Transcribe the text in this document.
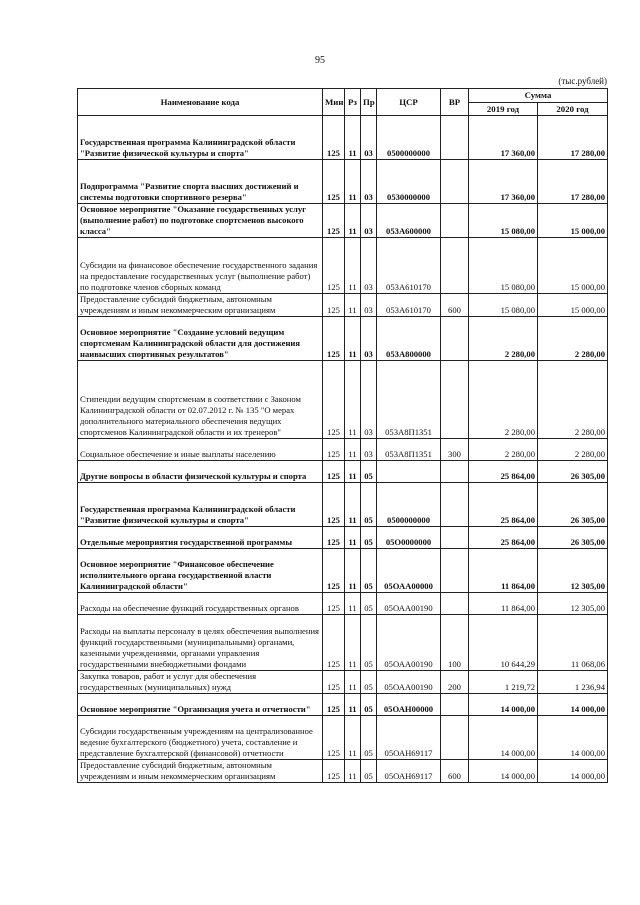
95
(тыс.рублей)
Наименование кода	Мин	Рз	Пр	ЦСР	ВР	Сумма	
						2019 год	2020 год
Государственная программа Калининградской области "Развитие физической культуры и спорта"	125	11	03	0500000000		17 360,00	17 280,00
Подпрограмма "Развитие спорта высших достижений и системы подготовки спортивного резерва"	125	11	03	0530000000		17 360,00	17 280,00
Основное мероприятие "Оказание государственных услуг (выполнение работ) по подготовке спортсменов высокого класса"	125	11	03	053А600000		15 080,00	15 000,00
Субсидии на финансовое обеспечение государственного задания на предоставление государственных услуг (выполнение работ) по подготовке членов сборных команд	125	11	03	053А610170		15 080,00	15 000,00
Предоставление субсидий бюджетным, автономным учреждениям и иным некоммерческим организациям	125	11	03	053А610170	600	15 080,00	15 000,00
Основное мероприятие "Создание условий ведущим спортсменам Калининградской области для достижения наивысших спортивных результатов"	125	11	03	053А800000		2 280,00	2 280,00
Стипендии ведущим спортсменам в соответствии с Законом Калининградской области от 02.07.2012 г. № 135 "О мерах дополнительного материального обеспечения ведущих спортсменов Калининградской области и их тренеров"	125	11	03	053А8П1351		2 280,00	2 280,00
Социальное обеспечение и иные выплаты населению	125	11	03	053А8П1351	300	2 280,00	2 280,00
Другие вопросы в области физической культуры и спорта	125	11	05			25 864,00	26 305,00
Государственная программа Калининградской области "Развитие физической культуры и спорта"	125	11	05	0500000000		25 864,00	26 305,00
Отдельные мероприятия государственной программы	125	11	05	05О0000000		25 864,00	26 305,00
Основное мероприятие "Финансовое обеспечение исполнительного органа государственной власти Калининградской области"	125	11	05	05ОАА00000		11 864,00	12 305,00
Расходы на обеспечение функций государственных органов	125	11	05	05ОАА00190		11 864,00	12 305,00
Расходы на выплаты персоналу в целях обеспечения выполнения функций государственными (муниципальными) органами, казенными учреждениями, органами управления государственными внебюджетными фондами	125	11	05	05ОАА00190	100	10 644,29	11 068,06
Закупка товаров, работ и услуг для обеспечения государственных (муниципальных) нужд	125	11	05	05ОАА00190	200	1 219,72	1 236,94
Основное мероприятие "Организация учета и отчетности"	125	11	05	05ОАН00000		14 000,00	14 000,00
Субсидии государственным учреждениям на централизованное ведение бухгалтерского (бюджетного) учета, составление и представление бухгалтерской (финансовой) отчетности	125	11	05	05ОАН69117		14 000,00	14 000,00
Предоставление субсидий бюджетным, автономным учреждениям и иным некоммерческим организациям	125	11	05	05ОАН69117	600	14 000,00	14 000,00
